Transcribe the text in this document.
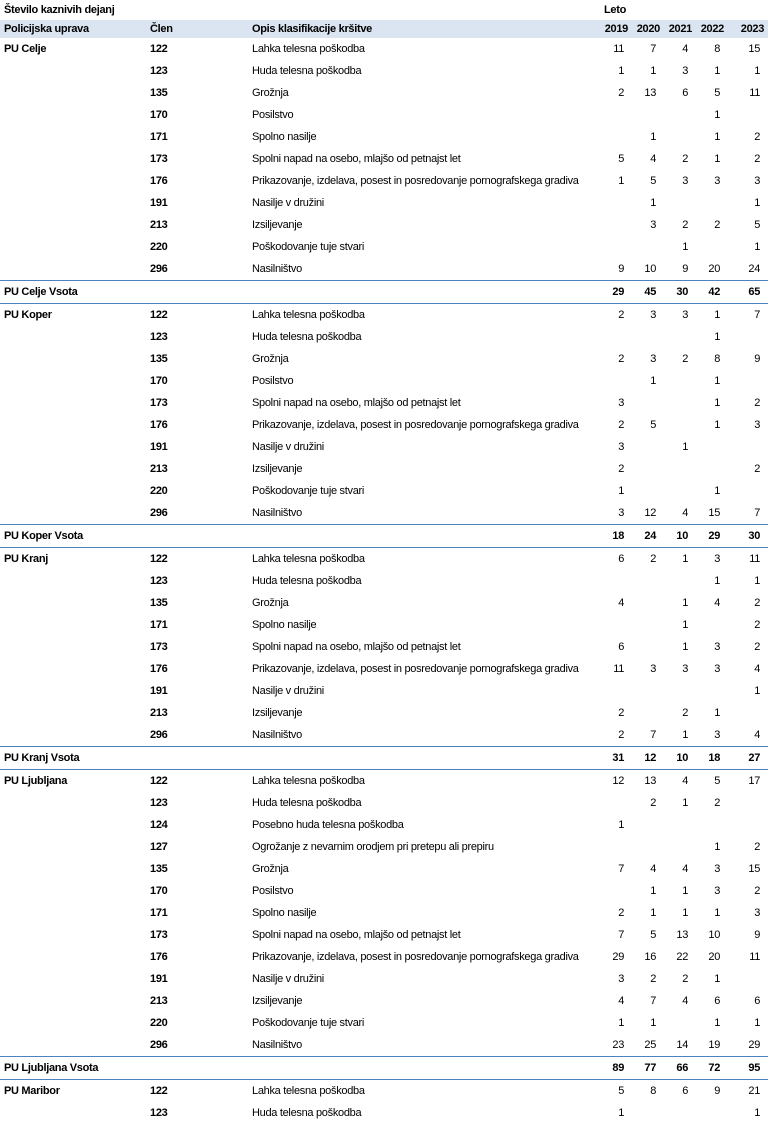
Število kaznivih dejanj			Leto				
Policijska uprava	Člen	Opis klasifikacije kršitve	2019	2020	2021	2022	2023
PU Celje	122	Lahka telesna poškodba	11	7	4	8	15
	123	Huda telesna poškodba	1	1	3	1	1
	135	Grožnja	2	13	6	5	11
	170	Posilstvo				1	
	171	Spolno nasilje		1		1	2
	173	Spolni napad na osebo, mlajšo od petnajst let	5	4	2	1	2
	176	Prikazovanje, izdelava, posest in posredovanje pornografskega gradiva	1	5	3	3	3
	191	Nasilje v družini		1			1
	213	Izsiljevanje		3	2	2	5
	220	Poškodovanje tuje stvari			1		1
	296	Nasilništvo	9	10	9	20	24
PU Celje Vsota			29	45	30	42	65
PU Koper	122	Lahka telesna poškodba	2	3	3	1	7
	123	Huda telesna poškodba				1	
	135	Grožnja	2	3	2	8	9
	170	Posilstvo		1		1	
	173	Spolni napad na osebo, mlajšo od petnajst let	3			1	2
	176	Prikazovanje, izdelava, posest in posredovanje pornografskega gradiva	2	5		1	3
	191	Nasilje v družini	3		1		
	213	Izsiljevanje	2				2
	220	Poškodovanje tuje stvari	1			1	
	296	Nasilništvo	3	12	4	15	7
PU Koper Vsota			18	24	10	29	30
PU Kranj	122	Lahka telesna poškodba	6	2	1	3	11
	123	Huda telesna poškodba				1	1
	135	Grožnja	4		1	4	2
	171	Spolno nasilje			1		2
	173	Spolni napad na osebo, mlajšo od petnajst let	6		1	3	2
	176	Prikazovanje, izdelava, posest in posredovanje pornografskega gradiva	11	3	3	3	4
	191	Nasilje v družini					1
	213	Izsiljevanje	2		2	1	
	296	Nasilništvo	2	7	1	3	4
PU Kranj Vsota			31	12	10	18	27
PU Ljubljana	122	Lahka telesna poškodba	12	13	4	5	17
	123	Huda telesna poškodba		2	1	2	
	124	Posebno huda telesna poškodba	1				
	127	Ogrožanje z nevarnim orodjem pri pretepu ali prepiru				1	2
	135	Grožnja	7	4	4	3	15
	170	Posilstvo		1	1	3	2
	171	Spolno nasilje	2	1	1	1	3
	173	Spolni napad na osebo, mlajšo od petnajst let	7	5	13	10	9
	176	Prikazovanje, izdelava, posest in posredovanje pornografskega gradiva	29	16	22	20	11
	191	Nasilje v družini	3	2	2	1	
	213	Izsiljevanje	4	7	4	6	6
	220	Poškodovanje tuje stvari	1	1		1	1
	296	Nasilništvo	23	25	14	19	29
PU Ljubljana Vsota			89	77	66	72	95
PU Maribor	122	Lahka telesna poškodba	5	8	6	9	21
	123	Huda telesna poškodba	1				1
